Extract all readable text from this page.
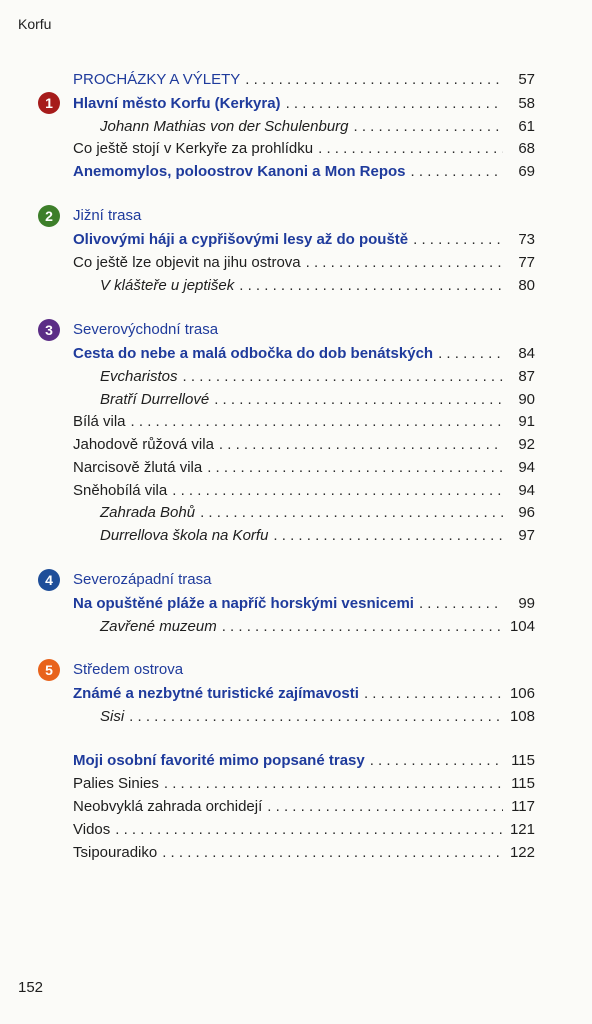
Korfu
PROCHÁZKY A VÝLETY . . .	57
1	Hlavní město Korfu (Kerkyra) . . .	58
Johann Mathias von der Schulenburg . . .	61
Co ještě stojí v Kerkyře za prohlídku . . .	68
Anemomylos, poloostrov Kanoni a Mon Repos . . .	69
2	Jižní trasa
Olivovými háji a cypřišovými lesy až do pouště . . .	73
Co ještě lze objevit na jihu ostrova . . .	77
V klášteře u jeptišek . . .	80
3	Severovýchodní trasa
Cesta do nebe a malá odbočka do dob benátských . . .	84
Evcharistos . . .	87
Bratří Durrellové . . .	90
Bílá vila . . .	91
Jahodově růžová vila . . .	92
Narcisově žlutá vila . . .	94
Sněhobílá vila . . .	94
Zahrada Bohů . . .	96
Durrellova škola na Korfu . . .	97
4	Severozápadní trasa
Na opuštěné pláže a napříč horskými vesnicemi . . .	99
Zavřené muzeum . . .	104
5	Středem ostrova
Známé a nezbytné turistické zajímavosti . . .	106
Sisi . . .	108
Moji osobní favorité mimo popsané trasy . . .	115
Palies Sinies . . .	115
Neobvyklá zahrada orchidejí . . .	117
Vidos . . .	121
Tsipouradiko . . .	122
152
